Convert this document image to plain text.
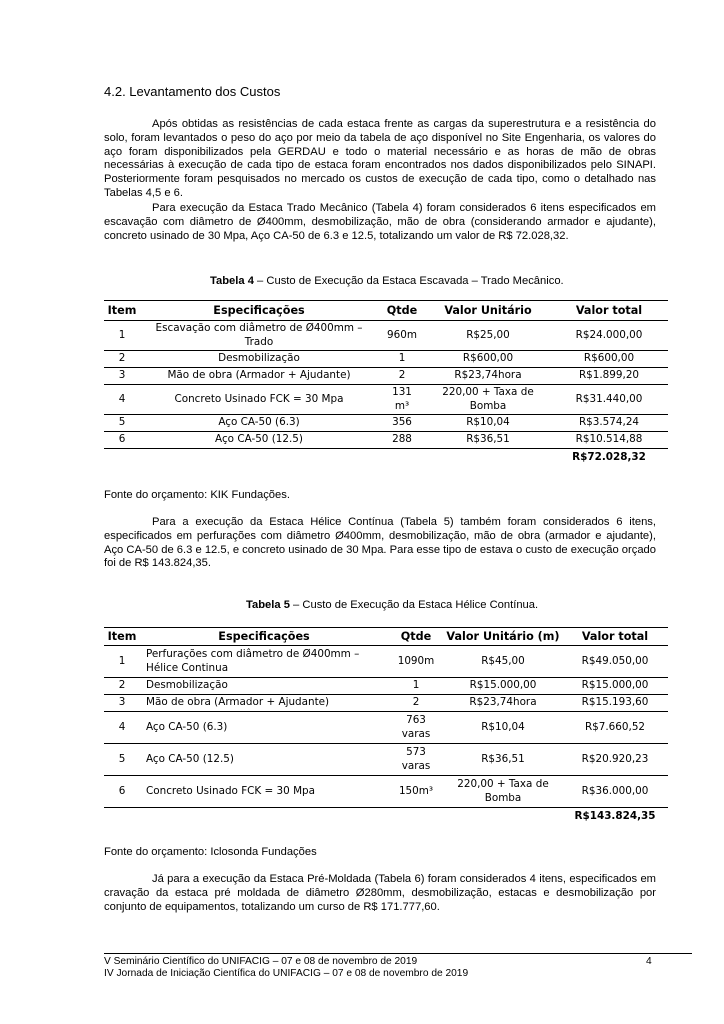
4.2. Levantamento dos Custos

Após obtidas as resistências de cada estaca frente as cargas da superestrutura e a resistência do solo, foram levantados o peso do aço por meio da tabela de aço disponível no Site Engenharia, os valores do aço foram disponibilizados pela GERDAU e todo o material necessário e as horas de mão de obras necessárias à execução de cada tipo de estaca foram encontrados nos dados disponibilizados pelo SINAPI. Posteriormente foram pesquisados no mercado os custos de execução de cada tipo, como o detalhado nas Tabelas 4,5 e 6.

Para execução da Estaca Trado Mecânico (Tabela 4) foram considerados 6 itens especificados em escavação com diâmetro de Ø400mm, desmobilização, mão de obra (considerando armador e ajudante), concreto usinado de 30 Mpa, Aço CA-50 de 6.3 e 12.5, totalizando um valor de R$ 72.028,32.

Tabela 4 – Custo de Execução da Estaca Escavada – Trado Mecânico.
Item	Especificações	Qtde	Valor Unitário	Valor total
1	Escavação com diâmetro de Ø400mm – Trado	960m	R$25,00	R$24.000,00
2	Desmobilização	1	R$600,00	R$600,00
3	Mão de obra (Armador + Ajudante)	2	R$23,74hora	R$1.899,20
4	Concreto Usinado FCK = 30 Mpa	131 m³	220,00 + Taxa de Bomba	R$31.440,00
5	Aço CA-50 (6.3)	356	R$10,04	R$3.574,24
6	Aço CA-50 (12.5)	288	R$36,51	R$10.514,88
				R$72.028,32
Fonte do orçamento: KIK Fundações.

Para a execução da Estaca Hélice Contínua (Tabela 5) também foram considerados 6 itens, especificados em perfurações com diâmetro Ø400mm, desmobilização, mão de obra (armador e ajudante), Aço CA-50 de 6.3 e 12.5, e concreto usinado de 30 Mpa. Para esse tipo de estava o custo de execução orçado foi de R$ 143.824,35.

Tabela 5 – Custo de Execução da Estaca Hélice Contínua.
Item	Especificações	Qtde	Valor Unitário (m)	Valor total
1	Perfurações com diâmetro de Ø400mm – Hélice Continua	1090m	R$45,00	R$49.050,00
2	Desmobilização	1	R$15.000,00	R$15.000,00
3	Mão de obra (Armador + Ajudante)	2	R$23,74hora	R$15.193,60
4	Aço CA-50 (6.3)	763 varas	R$10,04	R$7.660,52
5	Aço CA-50 (12.5)	573 varas	R$36,51	R$20.920,23
6	Concreto Usinado FCK = 30 Mpa	150m³	220,00 + Taxa de Bomba	R$36.000,00
				R$143.824,35
Fonte do orçamento: Iclosonda Fundações

Já para a execução da Estaca Pré-Moldada (Tabela 6) foram considerados 4 itens, especificados em cravação da estaca pré moldada de diâmetro Ø280mm, desmobilização, estacas e desmobilização por conjunto de equipamentos, totalizando um curso de R$ 171.777,60.

V Seminário Científico do UNIFACIG – 07 e 08 de novembro de 2019
IV Jornada de Iniciação Científica do UNIFACIG – 07 e 08 de novembro de 2019
4
